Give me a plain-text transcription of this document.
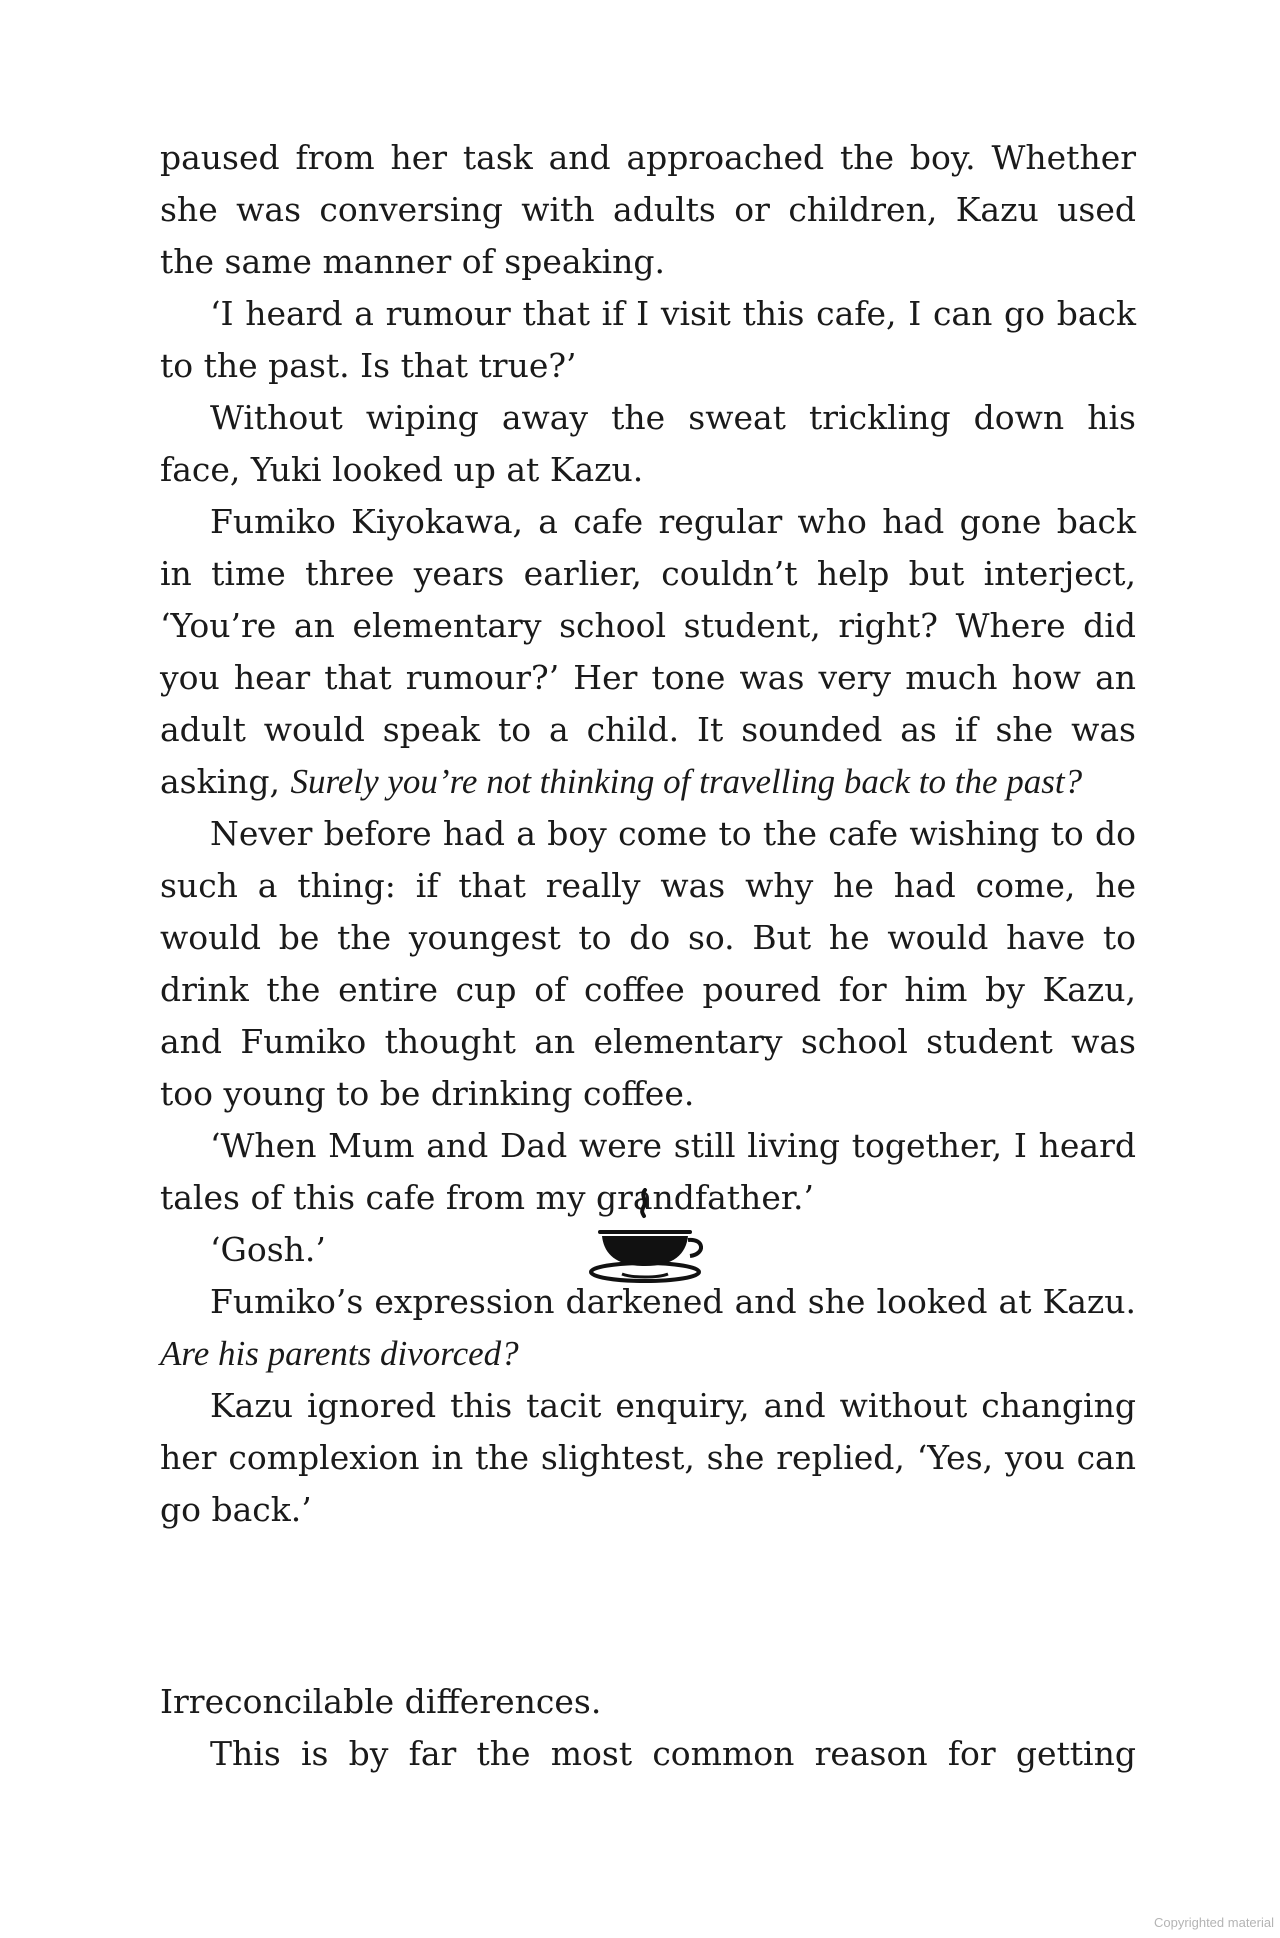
paused from her task and approached the boy. Whether she was conversing with adults or children, Kazu used the same manner of speaking.

‘I heard a rumour that if I visit this cafe, I can go back to the past. Is that true?’

Without wiping away the sweat trickling down his face, Yuki looked up at Kazu.

Fumiko Kiyokawa, a cafe regular who had gone back in time three years earlier, couldn’t help but interject, ‘You’re an elementary school student, right? Where did you hear that rumour?’ Her tone was very much how an adult would speak to a child. It sounded as if she was asking, Surely you’re not thinking of travelling back to the past?

Never before had a boy come to the cafe wishing to do such a thing: if that really was why he had come, he would be the youngest to do so. But he would have to drink the entire cup of coffee poured for him by Kazu, and Fumiko thought an elementary school student was too young to be drinking coffee.

‘When Mum and Dad were still living together, I heard tales of this cafe from my grandfather.’

‘Gosh.’

Fumiko’s expression darkened and she looked at Kazu. Are his parents divorced?

Kazu ignored this tacit enquiry, and without changing her complexion in the slightest, she replied, ‘Yes, you can go back.’

Irreconcilable differences.

This is by far the most common reason for getting

Copyrighted material
